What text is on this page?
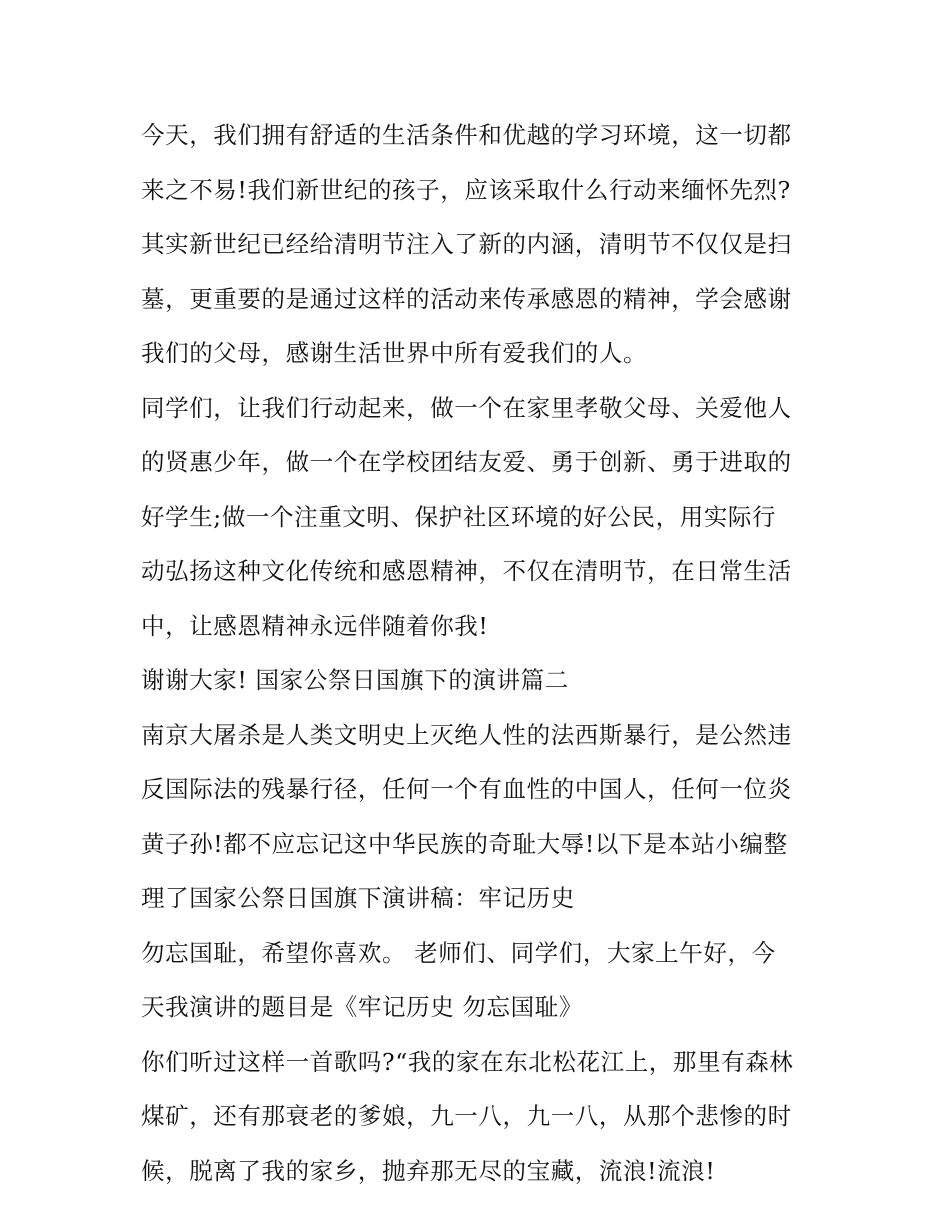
今天，我们拥有舒适的生活条件和优越的学习环境，这一切都
来之不易!我们新世纪的孩子，应该采取什么行动来缅怀先烈?
其实新世纪已经给清明节注入了新的内涵，清明节不仅仅是扫
墓，更重要的是通过这样的活动来传承感恩的精神，学会感谢
我们的父母，感谢生活世界中所有爱我们的人。
同学们，让我们行动起来，做一个在家里孝敬父母、关爱他人
的贤惠少年，做一个在学校团结友爱、勇于创新、勇于进取的
好学生;做一个注重文明、保护社区环境的好公民，用实际行
动弘扬这种文化传统和感恩精神，不仅在清明节，在日常生活
中，让感恩精神永远伴随着你我!
谢谢大家! 国家公祭日国旗下的演讲篇二
南京大屠杀是人类文明史上灭绝人性的法西斯暴行，是公然违
反国际法的残暴行径，任何一个有血性的中国人，任何一位炎
黄子孙!都不应忘记这中华民族的奇耻大辱!以下是本站小编整
理了国家公祭日国旗下演讲稿：牢记历史
勿忘国耻，希望你喜欢。 老师们、同学们，大家上午好，今
天我演讲的题目是《牢记历史 勿忘国耻》
你们听过这样一首歌吗?“我的家在东北松花江上，那里有森林
煤矿，还有那衰老的爹娘，九一八，九一八，从那个悲惨的时
候，脱离了我的家乡，抛弃那无尽的宝藏，流浪!流浪!
